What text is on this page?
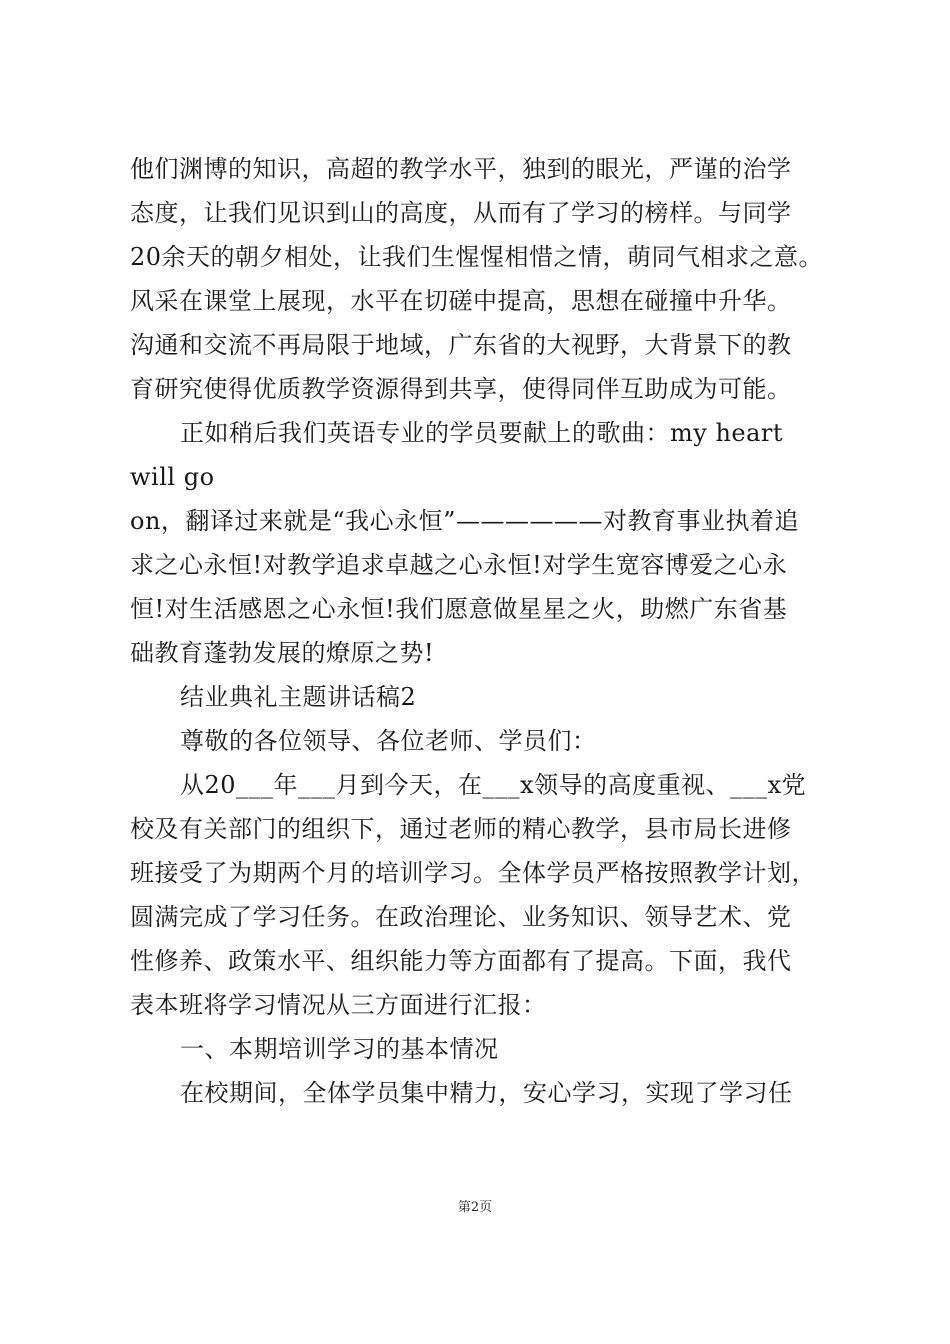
他们渊博的知识，高超的教学水平，独到的眼光，严谨的治学
态度，让我们见识到山的高度，从而有了学习的榜样。与同学
20余天的朝夕相处，让我们生惺惺相惜之情，萌同气相求之意。
风采在课堂上展现，水平在切磋中提高，思想在碰撞中升华。
沟通和交流不再局限于地域，广东省的大视野，大背景下的教
育研究使得优质教学资源得到共享，使得同伴互助成为可能。
正如稍后我们英语专业的学员要献上的歌曲：my heart
will go
on，翻译过来就是“我心永恒”——————对教育事业执着追
求之心永恒!对教学追求卓越之心永恒!对学生宽容博爱之心永
恒!对生活感恩之心永恒!我们愿意做星星之火，助燃广东省基
础教育蓬勃发展的燎原之势!
结业典礼主题讲话稿2
尊敬的各位领导、各位老师、学员们：
从20___年___月到今天，在___x领导的高度重视、___x党
校及有关部门的组织下，通过老师的精心教学，县市局长进修
班接受了为期两个月的培训学习。全体学员严格按照教学计划，
圆满完成了学习任务。在政治理论、业务知识、领导艺术、党
性修养、政策水平、组织能力等方面都有了提高。下面，我代
表本班将学习情况从三方面进行汇报：
一、本期培训学习的基本情况
在校期间，全体学员集中精力，安心学习，实现了学习任
第2页
